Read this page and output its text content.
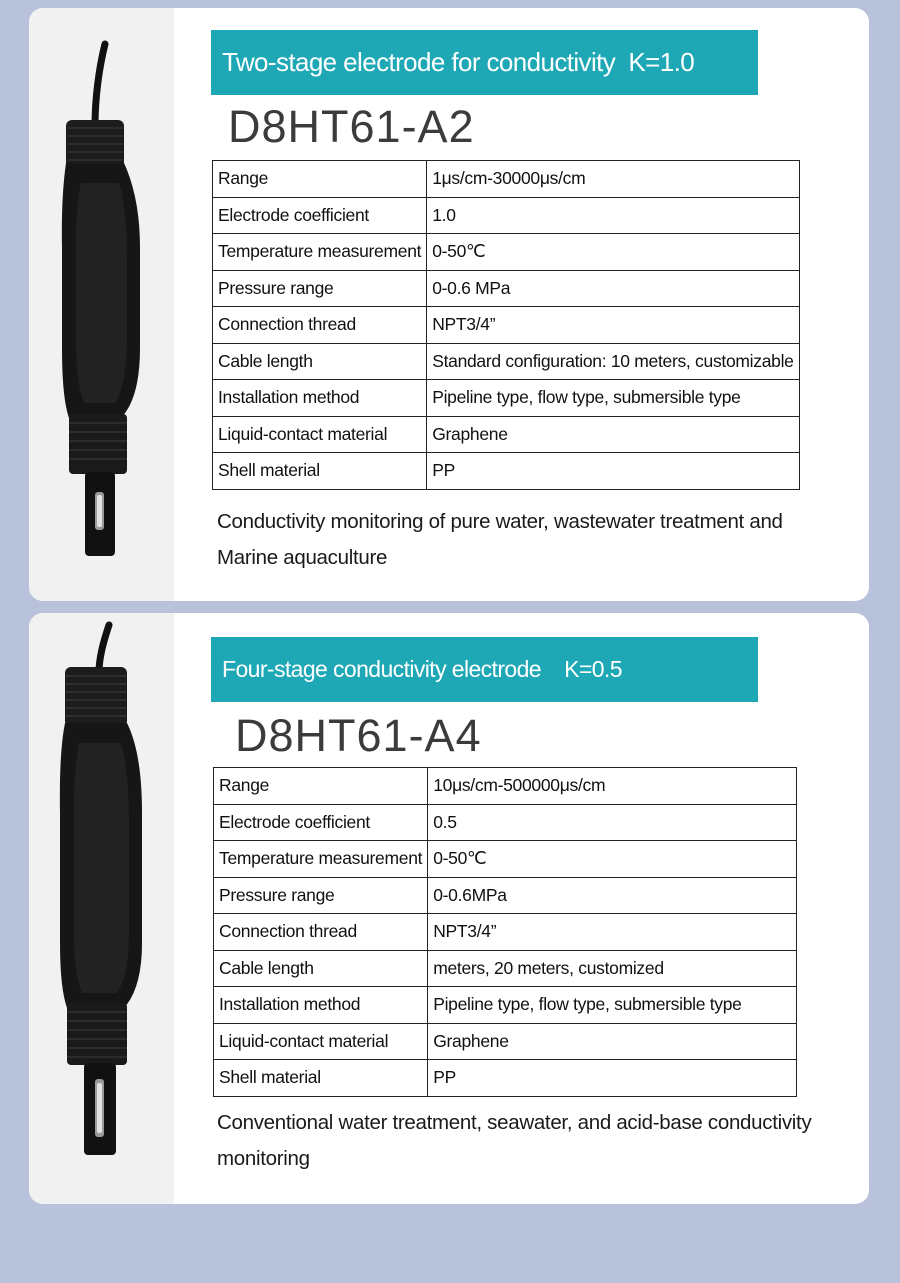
Two-stage electrode for conductivity  K=1.0
D8HT61-A2
Range	1μs/cm-30000μs/cm
Electrode coefficient	1.0
Temperature measurement	0-50℃
Pressure range	0-0.6 MPa
Connection thread	NPT3/4”
Cable length	Standard configuration: 10 meters, customizable
Installation method	Pipeline type, flow type, submersible type
Liquid-contact material	Graphene
Shell material	PP
Conductivity monitoring of pure water, wastewater treatment and
Marine aquaculture
Four-stage conductivity electrode    K=0.5
D8HT61-A4
Range	10μs/cm-500000μs/cm
Electrode coefficient	0.5
Temperature measurement	0-50℃
Pressure range	0-0.6MPa
Connection thread	NPT3/4”
Cable length	meters, 20 meters, customized
Installation method	Pipeline type, flow type, submersible type
Liquid-contact material	Graphene
Shell material	PP
Conventional water treatment, seawater, and acid-base conductivity
monitoring
